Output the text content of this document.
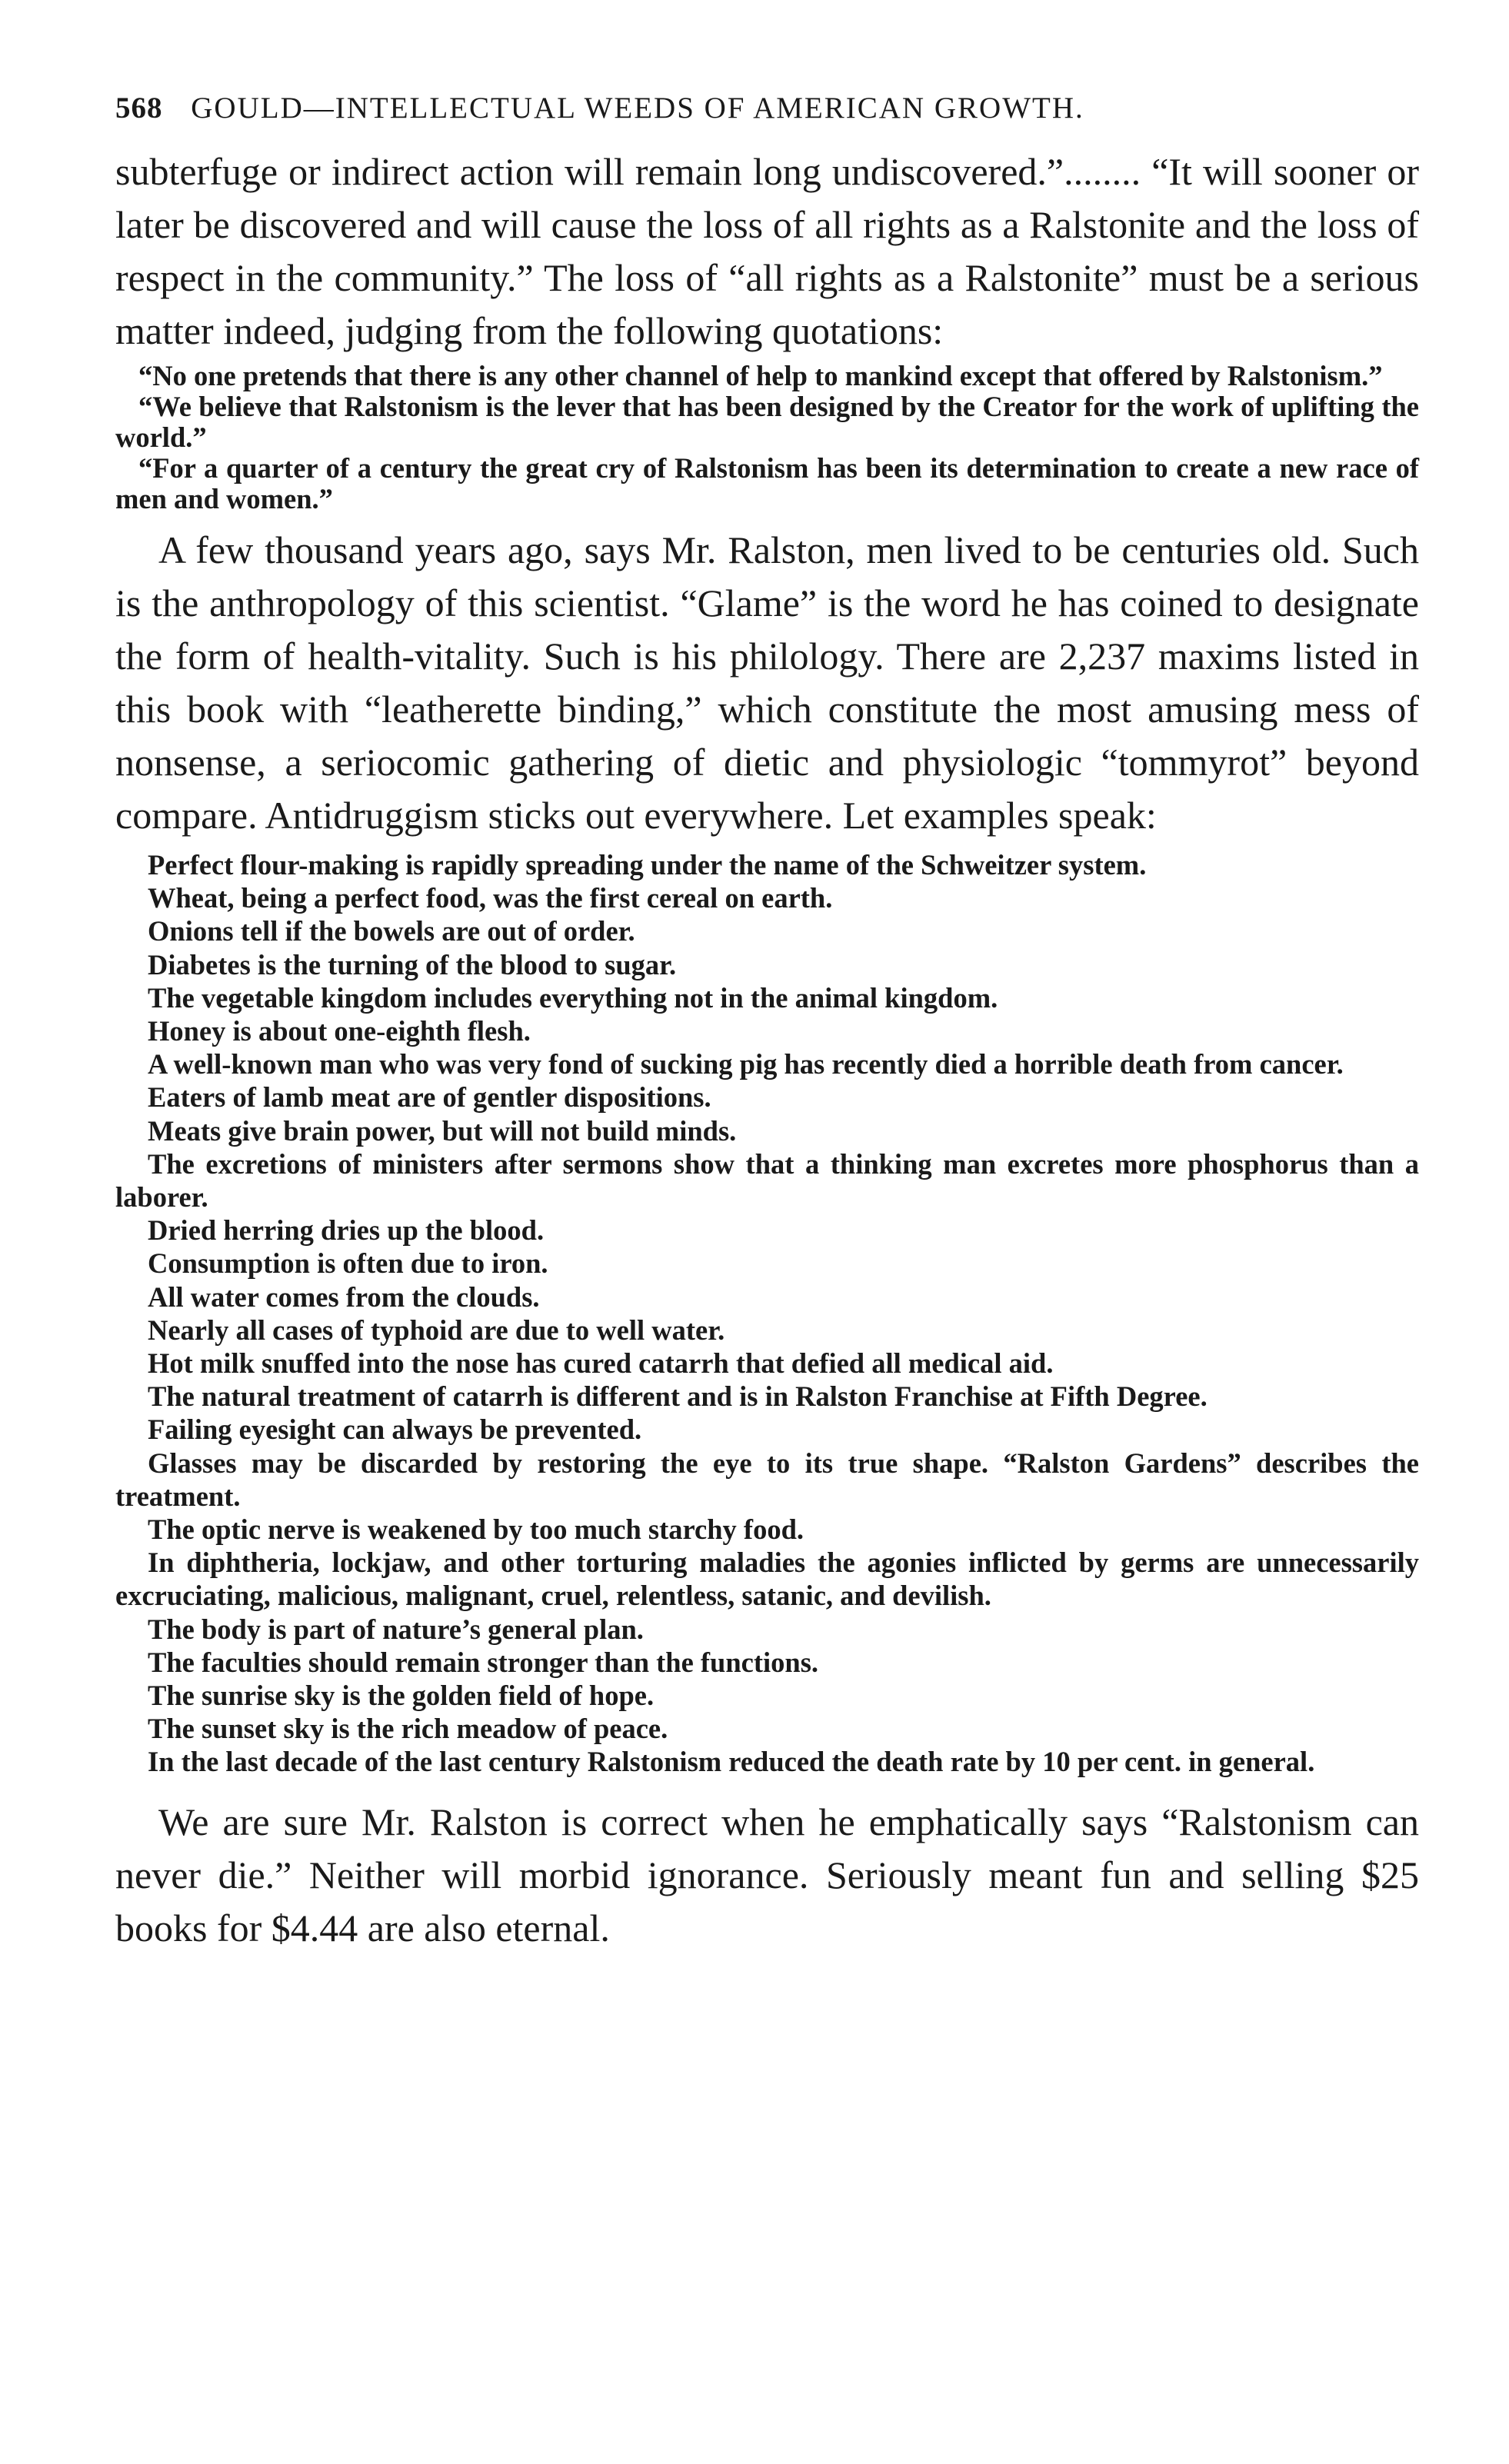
568 GOULD—INTELLECTUAL WEEDS OF AMERICAN GROWTH.

subterfuge or indirect action will remain long undiscovered.”........ “It will sooner or later be discovered and will cause the loss of all rights as a Ralstonite and the loss of respect in the community.” The loss of “all rights as a Ralstonite” must be a serious matter indeed, judging from the following quotations:

“No one pretends that there is any other channel of help to mankind except that offered by Ralstonism.”

“We believe that Ralstonism is the lever that has been designed by the Creator for the work of uplifting the world.”

“For a quarter of a century the great cry of Ralstonism has been its determination to create a new race of men and women.”

A few thousand years ago, says Mr. Ralston, men lived to be centuries old. Such is the anthropology of this scientist. “Glame” is the word he has coined to designate the form of health-vitality. Such is his philology. There are 2,237 maxims listed in this book with “leatherette binding,” which constitute the most amusing mess of nonsense, a seriocomic gathering of dietic and physiologic “tommyrot” beyond compare. Antidruggism sticks out everywhere. Let examples speak:

Perfect flour-making is rapidly spreading under the name of the Schweitzer system.

Wheat, being a perfect food, was the first cereal on earth.

Onions tell if the bowels are out of order.

Diabetes is the turning of the blood to sugar.

The vegetable kingdom includes everything not in the animal kingdom.

Honey is about one-eighth flesh.

A well-known man who was very fond of sucking pig has recently died a horrible death from cancer.

Eaters of lamb meat are of gentler dispositions.

Meats give brain power, but will not build minds.

The excretions of ministers after sermons show that a thinking man excretes more phosphorus than a laborer.

Dried herring dries up the blood.

Consumption is often due to iron.

All water comes from the clouds.

Nearly all cases of typhoid are due to well water.

Hot milk snuffed into the nose has cured catarrh that defied all medical aid.

The natural treatment of catarrh is different and is in Ralston Franchise at Fifth Degree.

Failing eyesight can always be prevented.

Glasses may be discarded by restoring the eye to its true shape. “Ralston Gardens” describes the treatment.

The optic nerve is weakened by too much starchy food.

In diphtheria, lockjaw, and other torturing maladies the agonies inflicted by germs are unnecessarily excruciating, malicious, malignant, cruel, relentless, satanic, and devilish.

The body is part of nature’s general plan.

The faculties should remain stronger than the functions.

The sunrise sky is the golden field of hope.

The sunset sky is the rich meadow of peace.

In the last decade of the last century Ralstonism reduced the death rate by 10 per cent. in general.

We are sure Mr. Ralston is correct when he emphatically says “Ralstonism can never die.” Neither will morbid ignorance. Seriously meant fun and selling $25 books for $4.44 are also eternal.
